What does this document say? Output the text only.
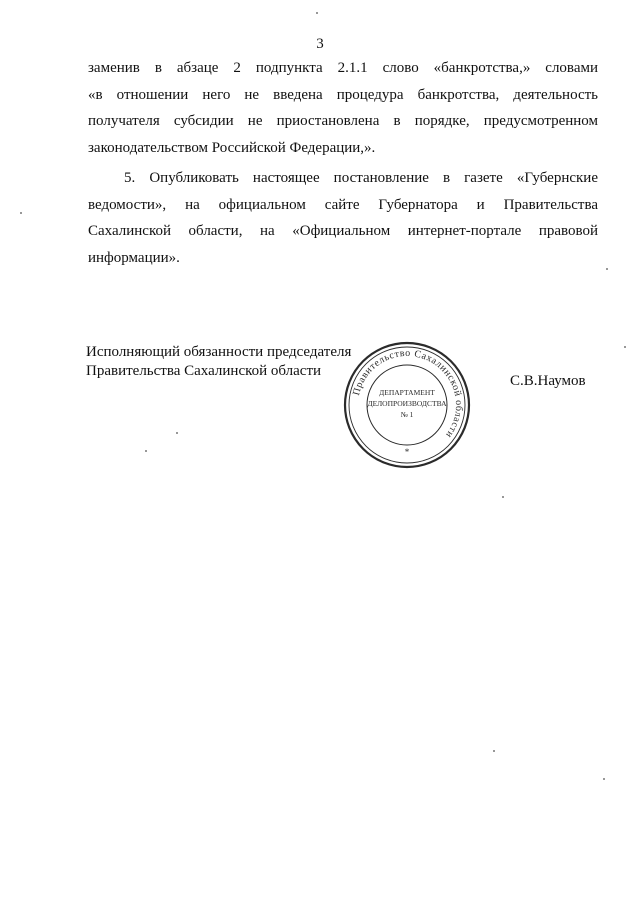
3
заменив в абзаце 2 подпункта 2.1.1 слово «банкротства,» словами
«в отношении него не введена процедура банкротства, деятельность
получателя субсидии не приостановлена в порядке, предусмотренном
законодательством Российской Федерации,».
5. Опубликовать настоящее постановление в газете «Губернские
ведомости», на официальном сайте Губернатора и Правительства
Сахалинской области, на «Официальном интернет-портале правовой
информации».
Исполняющий обязанности председателя
Правительства Сахалинской области
Правительство Сахалинской области
ДЕПАРТАМЕНТ
ДЕЛОПРОИЗВОДСТВА
№ 1
*
С.В.Наумов
